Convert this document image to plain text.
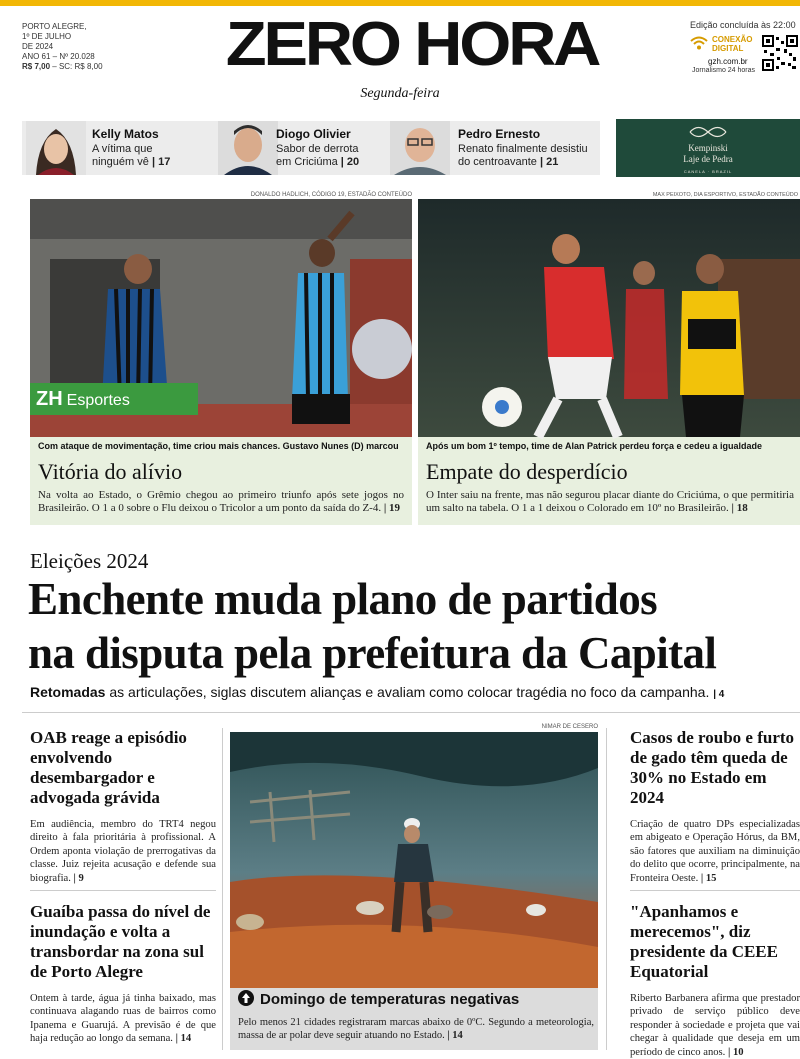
PORTO ALEGRE,
1º DE JULHO
DE 2024
ANO 61 – Nº 20.028
R$ 7,00 – SC: R$ 8,00	ZERO HORA
Segunda-feira
Edição concluída às 22:00
CONEXÃO
DIGITAL
gzh.com.br
Jornalismo 24 horas
Kelly Matos
A vítima que
ninguém vê | 17
Diogo Olivier
Sabor de derrota
em Criciúma | 20
Pedro Ernesto
Renato finalmente desistiu
do centroavante | 21
Kempinski
Laje de Pedra
CANELA · BRAZIL
DONALDO HADLICH, CÓDIGO 19, ESTADÃO CONTEÚDO	MAX PEIXOTO, DIA ESPORTIVO, ESTADÃO CONTEÚDO
ZH Esportes
Com ataque de movimentação, time criou mais chances. Gustavo Nunes (D) marcou
Vitória do alívio
Na volta ao Estado, o Grêmio chegou ao primeiro triunfo após sete jogos no Brasileirão. O 1 a 0 sobre o Flu deixou o Tricolor a um ponto da saída do Z-4. | 19
Após um bom 1º tempo, time de Alan Patrick perdeu força e cedeu a igualdade
Empate do desperdício
O Inter saiu na frente, mas não segurou placar diante do Criciúma, o que permitiria um salto na tabela. O 1 a 1 deixou o Colorado em 10º no Brasileirão. | 18
Eleições 2024
Enchente muda plano de partidos
na disputa pela prefeitura da Capital
Retomadas as articulações, siglas discutem alianças e avaliam como colocar tragédia no foco da campanha. | 4
OAB reage a episódio envolvendo desembargador e advogada grávida
Em audiência, membro do TRT4 negou direito à fala prioritária à profissional. A Ordem aponta violação de prerrogativas da classe. Juiz rejeita acusação e defende sua biografia. | 9
Guaíba passa do nível de inundação e volta a transbordar na zona sul de Porto Alegre
Ontem à tarde, água já tinha baixado, mas continuava alagando ruas de bairros como Ipanema e Guarujá. A previsão é de que haja redução ao longo da semana. | 14
NIMAR DE CESERO
Domingo de temperaturas negativas
Pelo menos 21 cidades registraram marcas abaixo de 0ºC. Segundo a meteorologia, massa de ar polar deve seguir atuando no Estado. | 14
Casos de roubo e furto de gado têm queda de 30% no Estado em 2024
Criação de quatro DPs especializadas em abigeato e Operação Hórus, da BM, são fatores que auxiliam na diminuição do delito que ocorre, principalmente, na Fronteira Oeste. | 15
"Apanhamos e merecemos", diz presidente da CEEE Equatorial
Riberto Barbanera afirma que prestador privado de serviço público deve responder à sociedade e projeta que vai chegar à qualidade que deseja em um período de cinco anos. | 10
